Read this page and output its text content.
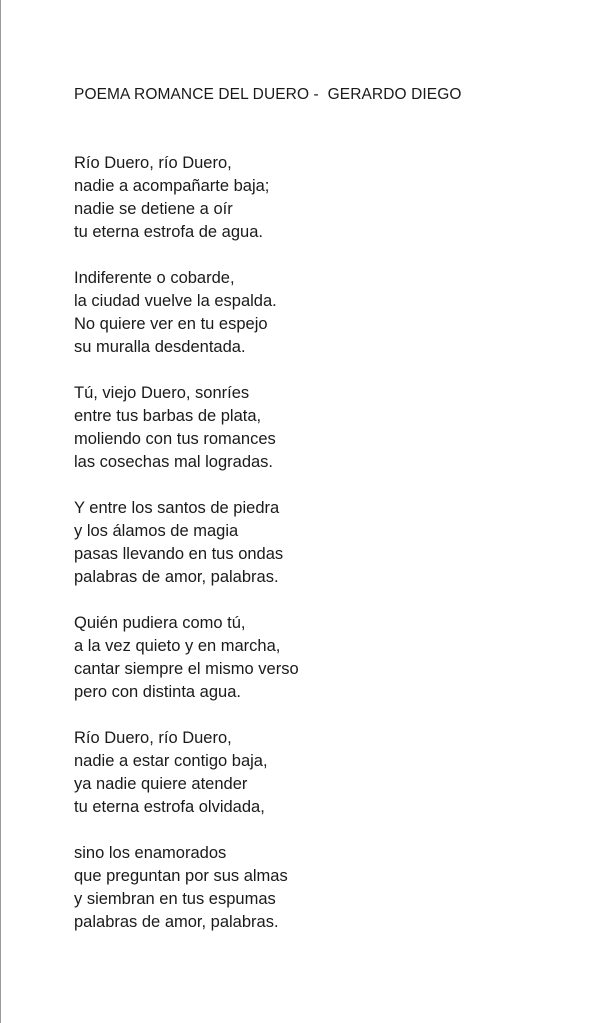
POEMA ROMANCE DEL DUERO -  GERARDO DIEGO
Río Duero, río Duero,
nadie a acompañarte baja;
nadie se detiene a oír
tu eterna estrofa de agua.
Indiferente o cobarde,
la ciudad vuelve la espalda.
No quiere ver en tu espejo
su muralla desdentada.
Tú, viejo Duero, sonríes
entre tus barbas de plata,
moliendo con tus romances
las cosechas mal logradas.
Y entre los santos de piedra
y los álamos de magia
pasas llevando en tus ondas
palabras de amor, palabras.
Quién pudiera como tú,
a la vez quieto y en marcha,
cantar siempre el mismo verso
pero con distinta agua.
Río Duero, río Duero,
nadie a estar contigo baja,
ya nadie quiere atender
tu eterna estrofa olvidada,
sino los enamorados
que preguntan por sus almas
y siembran en tus espumas
palabras de amor, palabras.
